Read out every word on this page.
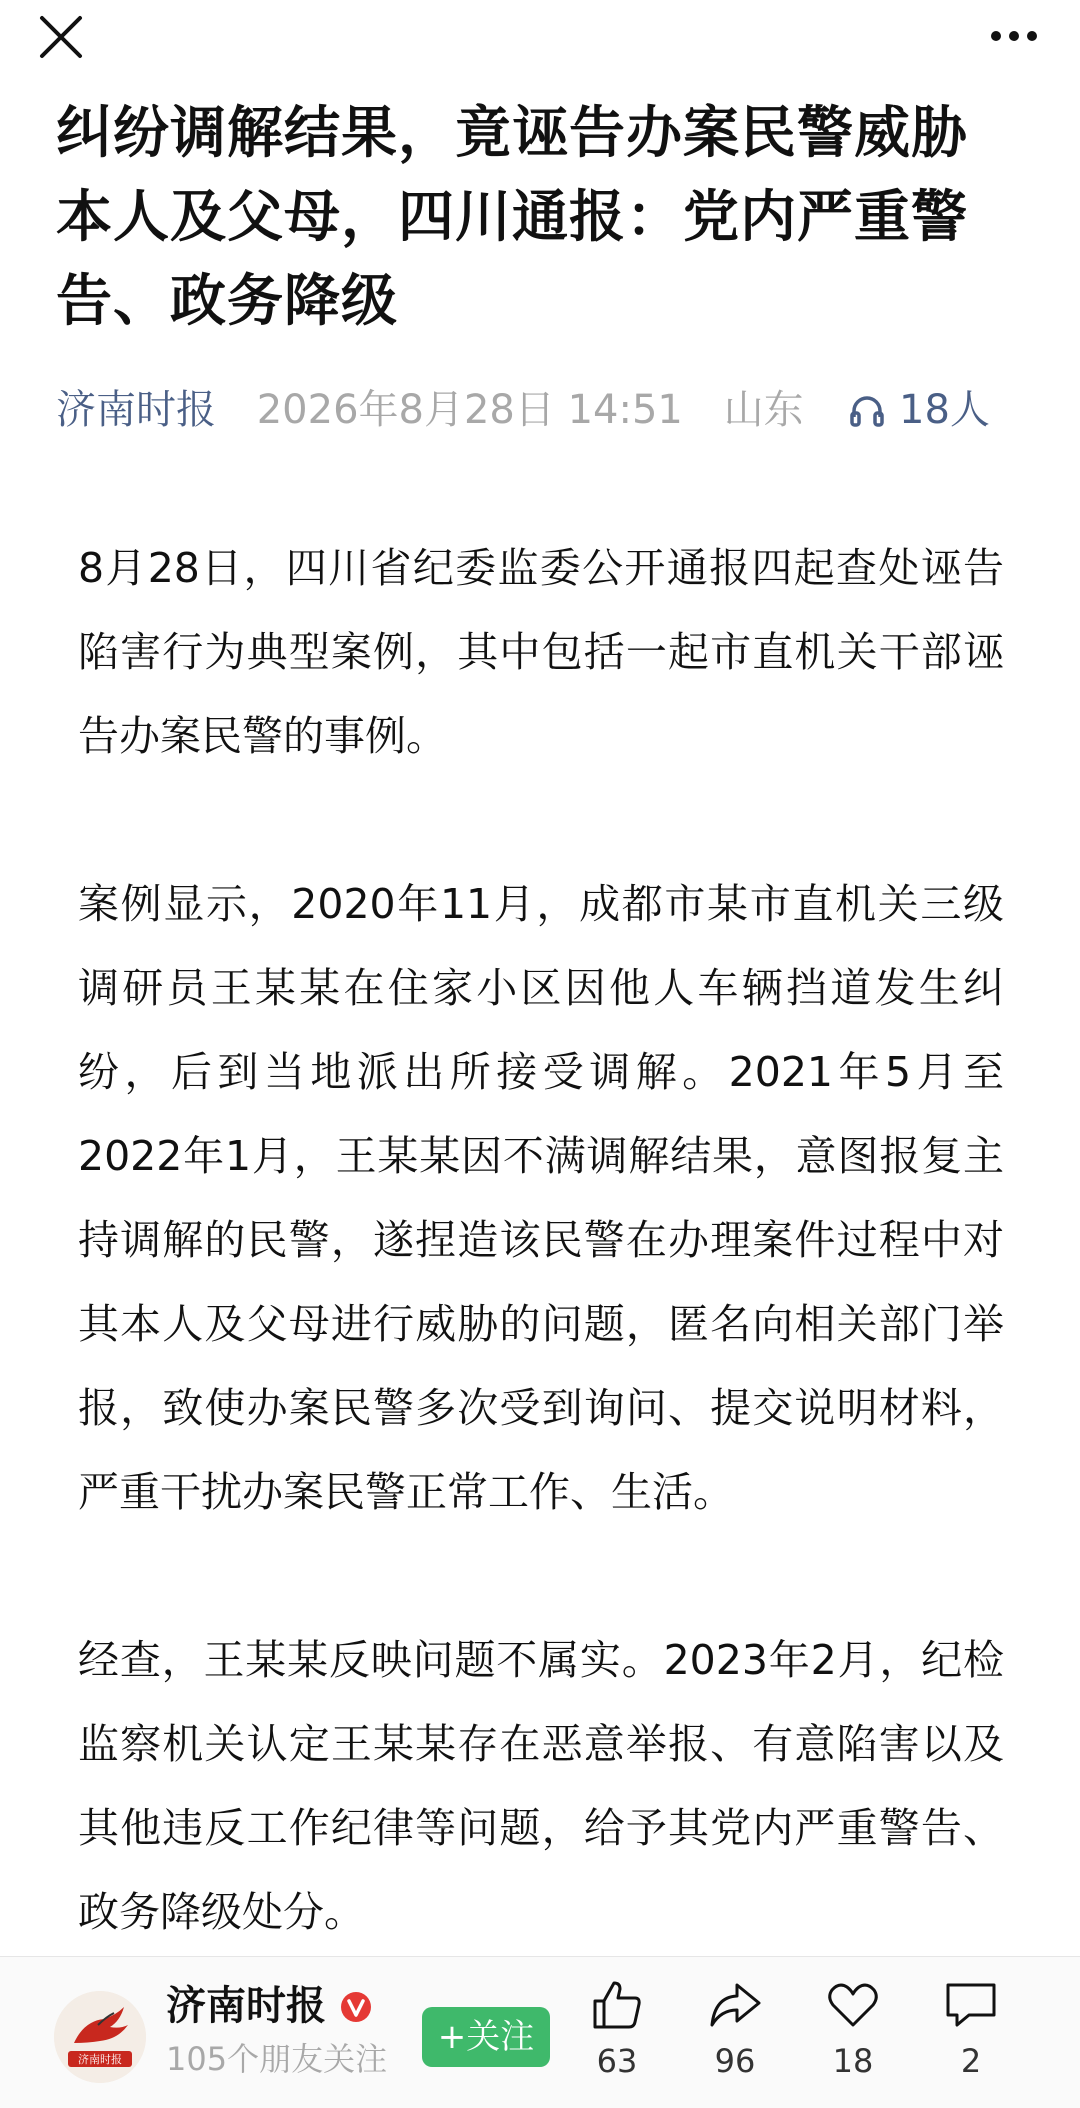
纠纷调解结果，竟诬告办案民警威胁本人及父母，四川通报：党内严重警告、政务降级
济南时报 2026年8月28日 14:51 山东 18人

8月28日，四川省纪委监委公开通报四起查处诬告陷害行为典型案例，其中包括一起市直机关干部诬告办案民警的事例。

案例显示，2020年11月，成都市某市直机关三级调研员王某某在住家小区因他人车辆挡道发生纠纷，后到当地派出所接受调解。2021年5月至2022年1月，王某某因不满调解结果，意图报复主持调解的民警，遂捏造该民警在办理案件过程中对其本人及父母进行威胁的问题，匿名向相关部门举报，致使办案民警多次受到询问、提交说明材料，严重干扰办案民警正常工作、生活。

经查，王某某反映问题不属实。2023年2月，纪检监察机关认定王某某存在恶意举报、有意陷害以及其他违反工作纪律等问题，给予其党内严重警告、政务降级处分。

济南时报
济南时报
105个朋友关注
+关注
63	96	18	2
